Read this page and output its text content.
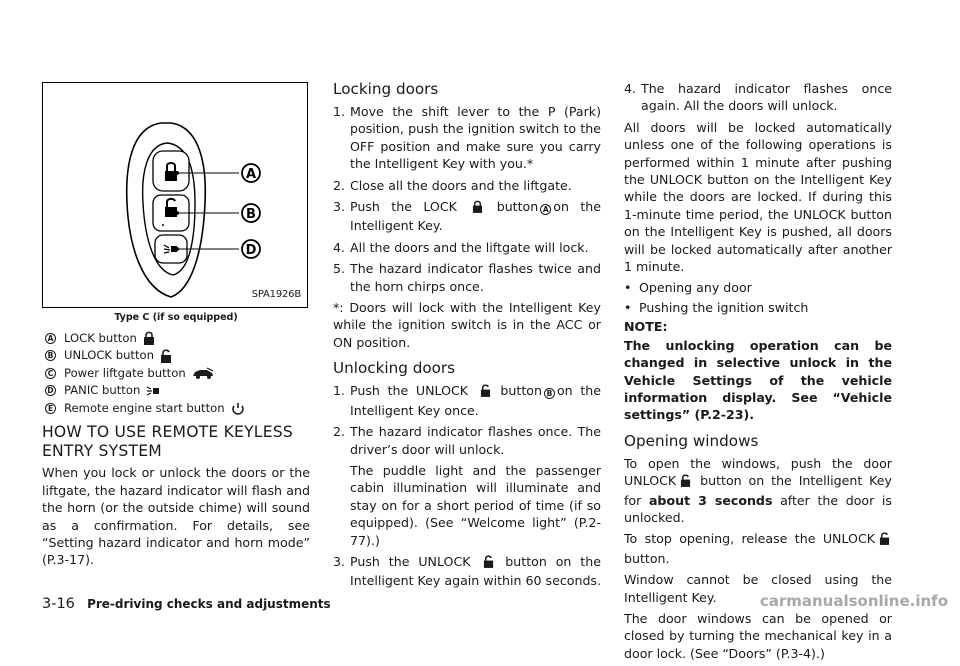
A
B
D
SPA1926B
Type C (if so equipped)
A LOCK button
B UNLOCK button
C Power liftgate button
D PANIC button
E Remote engine start button
HOW TO USE REMOTE KEYLESS ENTRY SYSTEM

When you lock or unlock the doors or the liftgate, the hazard indicator will flash and the horn (or the outside chime) will sound as a confirmation. For details, see “Setting hazard indicator and horn mode” (P.3-17).

Locking doors
1. Move the shift lever to the P (Park) position, push the ignition switch to the OFF position and make sure you carry the Intelligent Key with you.*
2. Close all the doors and the liftgate.
3. Push the LOCK	button A on the Intelligent Key.
4. All the doors and the liftgate will lock.
5. The hazard indicator flashes twice and the horn chirps once.

*: Doors will lock with the Intelligent Key while the ignition switch is in the ACC or ON position.

Unlocking doors
1. Push the UNLOCK	button B on the Intelligent Key once.
2. The hazard indicator flashes once. The driver’s door will unlock.

The puddle light and the passenger cabin illumination will illuminate and stay on for a short period of time (if so equipped). (See “Welcome light” (P.2-77).)

3. Push the UNLOCK	button on the Intelligent Key again within 60 seconds.
4. The hazard indicator flashes once again. All the doors will unlock.

All doors will be locked automatically unless one of the following operations is performed within 1 minute after pushing the UNLOCK button on the Intelligent Key while the doors are locked. If during this 1-minute time period, the UNLOCK button on the Intelligent Key is pushed, all doors will be locked automatically after another 1 minute.

• Opening any door
• Pushing the ignition switch

NOTE:

The unlocking operation can be changed in selective unlock in the Vehicle Settings of the vehicle information display. See “Vehicle settings” (P.2-23).

Opening windows

To open the windows, push the door UNLOCK button on the Intelligent Key for about 3 seconds after the door is unlocked.

To stop opening, release the UNLOCK button.

Window cannot be closed using the Intelligent Key.

The door windows can be opened or closed by turning the mechanical key in a door lock. (See “Doors” (P.3-4).)

3-16 Pre-driving checks and adjustments	carmanualsonline.info
